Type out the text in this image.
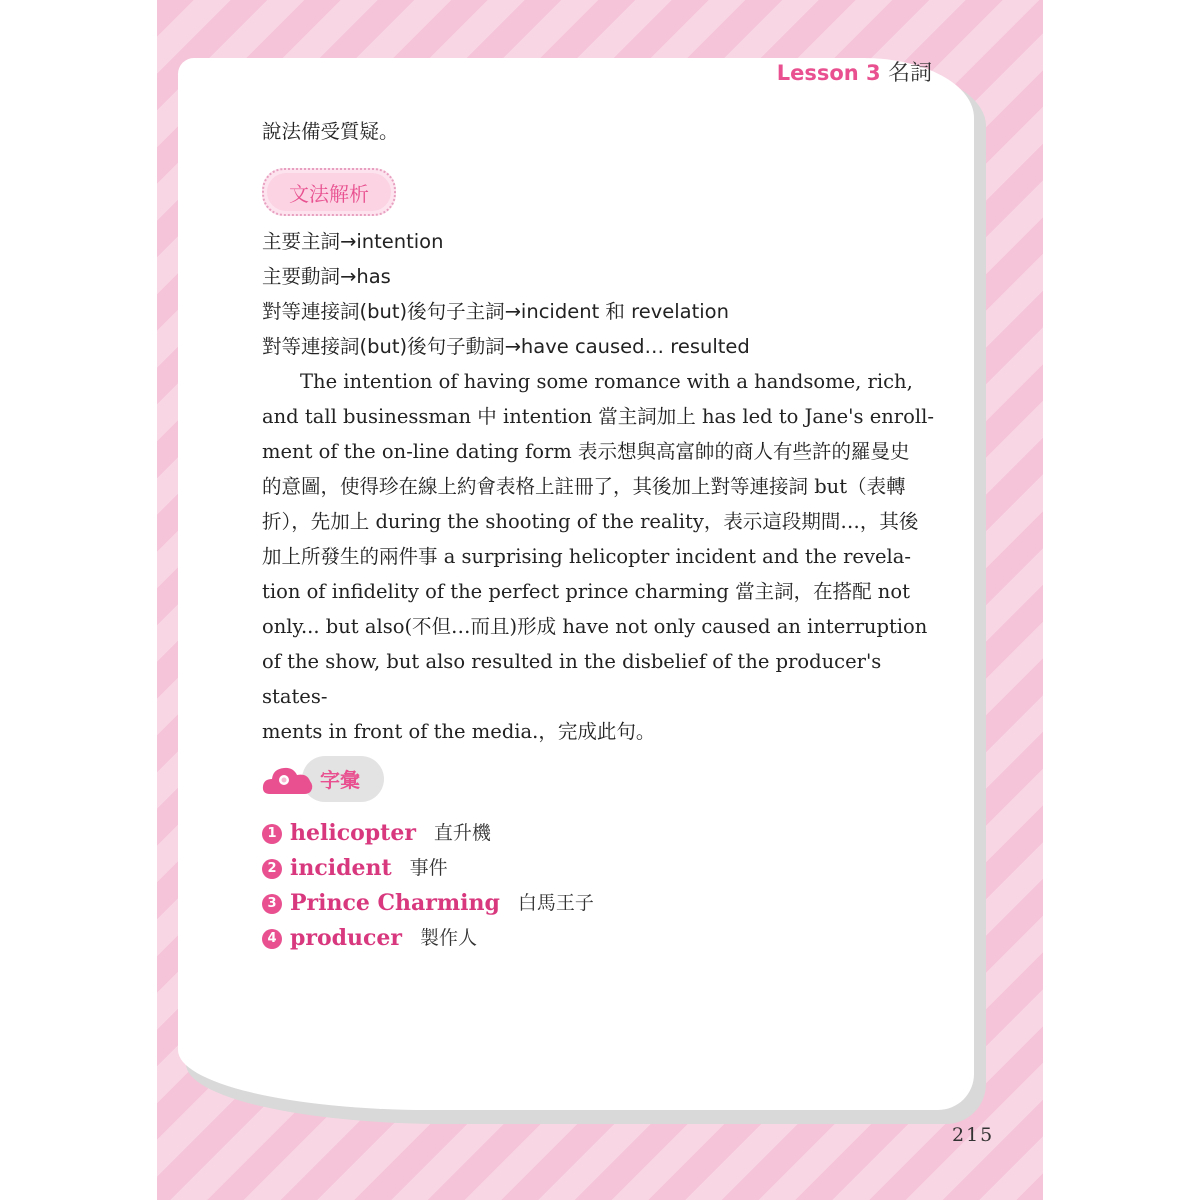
Lesson 3 名詞
說法備受質疑。
文法解析
主要主詞→intention
主要動詞→has
對等連接詞(but)後句子主詞→incident 和 revelation
對等連接詞(but)後句子動詞→have caused… resulted
The intention of having some romance with a handsome, rich,
and tall businessman 中 intention 當主詞加上 has led to Jane's enroll-
ment of the on-line dating form 表示想與高富帥的商人有些許的羅曼史
的意圖，使得珍在線上約會表格上註冊了，其後加上對等連接詞 but（表轉
折），先加上 during the shooting of the reality，表示這段期間…，其後
加上所發生的兩件事 a surprising helicopter incident and the revela-
tion of infidelity of the perfect prince charming 當主詞，在搭配 not
only... but also(不但…而且)形成 have not only caused an interruption
of the show, but also resulted in the disbelief of the producer's states-
ments in front of the media.，完成此句。
字彙
1 helicopter 直升機
2 incident 事件
3 Prince Charming 白馬王子
4 producer 製作人
215
